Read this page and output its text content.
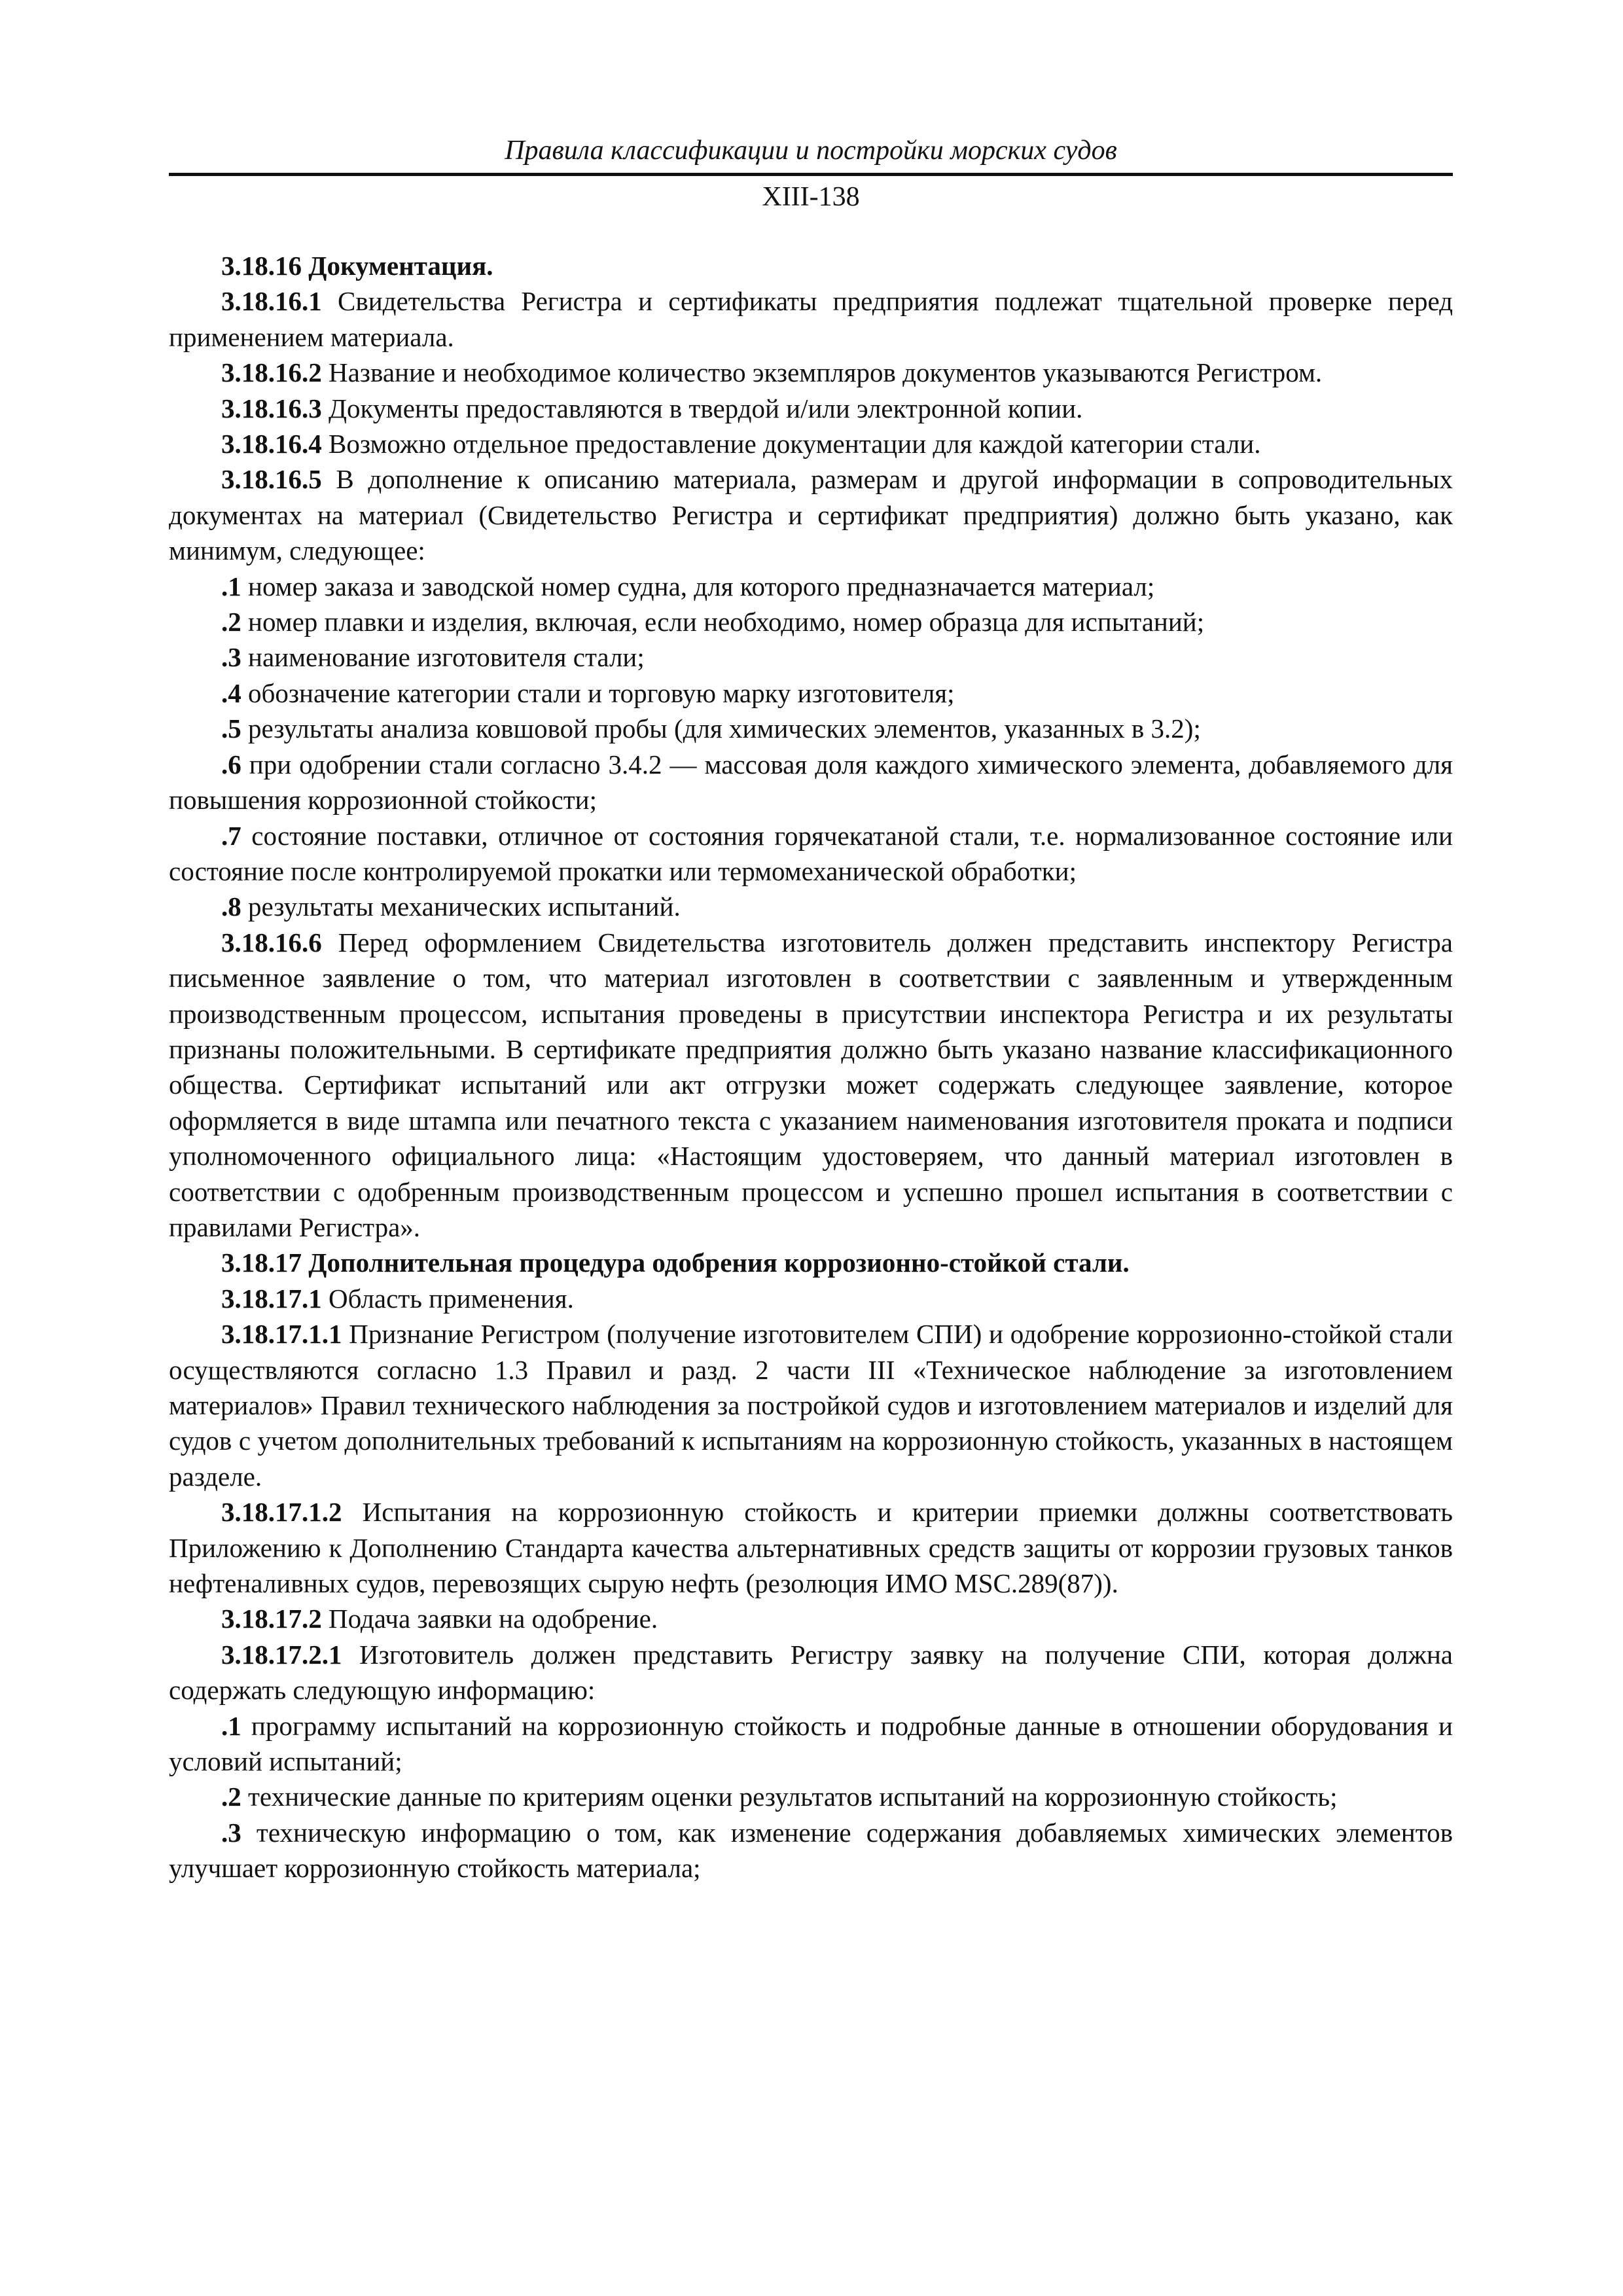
Правила классификации и постройки морских судов
XIII-138

3.18.16 Документация.

3.18.16.1 Свидетельства Регистра и сертификаты предприятия подлежат тщательной проверке перед применением материала.

3.18.16.2 Название и необходимое количество экземпляров документов указываются Регистром.

3.18.16.3 Документы предоставляются в твердой и/или электронной копии.

3.18.16.4 Возможно отдельное предоставление документации для каждой категории стали.

3.18.16.5 В дополнение к описанию материала, размерам и другой информации в сопроводительных документах на материал (Свидетельство Регистра и сертификат предприятия) должно быть указано, как минимум, следующее:

.1 номер заказа и заводской номер судна, для которого предназначается материал;

.2 номер плавки и изделия, включая, если необходимо, номер образца для испытаний;

.3 наименование изготовителя стали;

.4 обозначение категории стали и торговую марку изготовителя;

.5 результаты анализа ковшовой пробы (для химических элементов, указанных в 3.2);

.6 при одобрении стали согласно 3.4.2 — массовая доля каждого химического элемента, добавляемого для повышения коррозионной стойкости;

.7 состояние поставки, отличное от состояния горячекатаной стали, т.е. нормализованное состояние или состояние после контролируемой прокатки или термомеханической обработки;

.8 результаты механических испытаний.

3.18.16.6 Перед оформлением Свидетельства изготовитель должен представить инспектору Регистра письменное заявление о том, что материал изготовлен в соответствии с заявленным и утвержденным производственным процессом, испытания проведены в присутствии инспектора Регистра и их результаты признаны положительными. В сертификате предприятия должно быть указано название классификационного общества. Сертификат испытаний или акт отгрузки может содержать следующее заявление, которое оформляется в виде штампа или печатного текста с указанием наименования изготовителя проката и подписи уполномоченного официального лица: «Настоящим удостоверяем, что данный материал изготовлен в соответствии с одобренным производственным процессом и успешно прошел испытания в соответствии с правилами Регистра».

3.18.17 Дополнительная процедура одобрения коррозионно-стойкой стали.

3.18.17.1 Область применения.

3.18.17.1.1 Признание Регистром (получение изготовителем СПИ) и одобрение коррозионно-стойкой стали осуществляются согласно 1.3 Правил и разд. 2 части III «Техническое наблюдение за изготовлением материалов» Правил технического наблюдения за постройкой судов и изготовлением материалов и изделий для судов с учетом дополнительных требований к испытаниям на коррозионную стойкость, указанных в настоящем разделе.

3.18.17.1.2 Испытания на коррозионную стойкость и критерии приемки должны соответствовать Приложению к Дополнению Стандарта качества альтернативных средств защиты от коррозии грузовых танков нефтеналивных судов, перевозящих сырую нефть (резолюция ИМО MSC.289(87)).

3.18.17.2 Подача заявки на одобрение.

3.18.17.2.1 Изготовитель должен представить Регистру заявку на получение СПИ, которая должна содержать следующую информацию:

.1 программу испытаний на коррозионную стойкость и подробные данные в отношении оборудования и условий испытаний;

.2 технические данные по критериям оценки результатов испытаний на коррозионную стойкость;

.3 техническую информацию о том, как изменение содержания добавляемых химических элементов улучшает коррозионную стойкость материала;
